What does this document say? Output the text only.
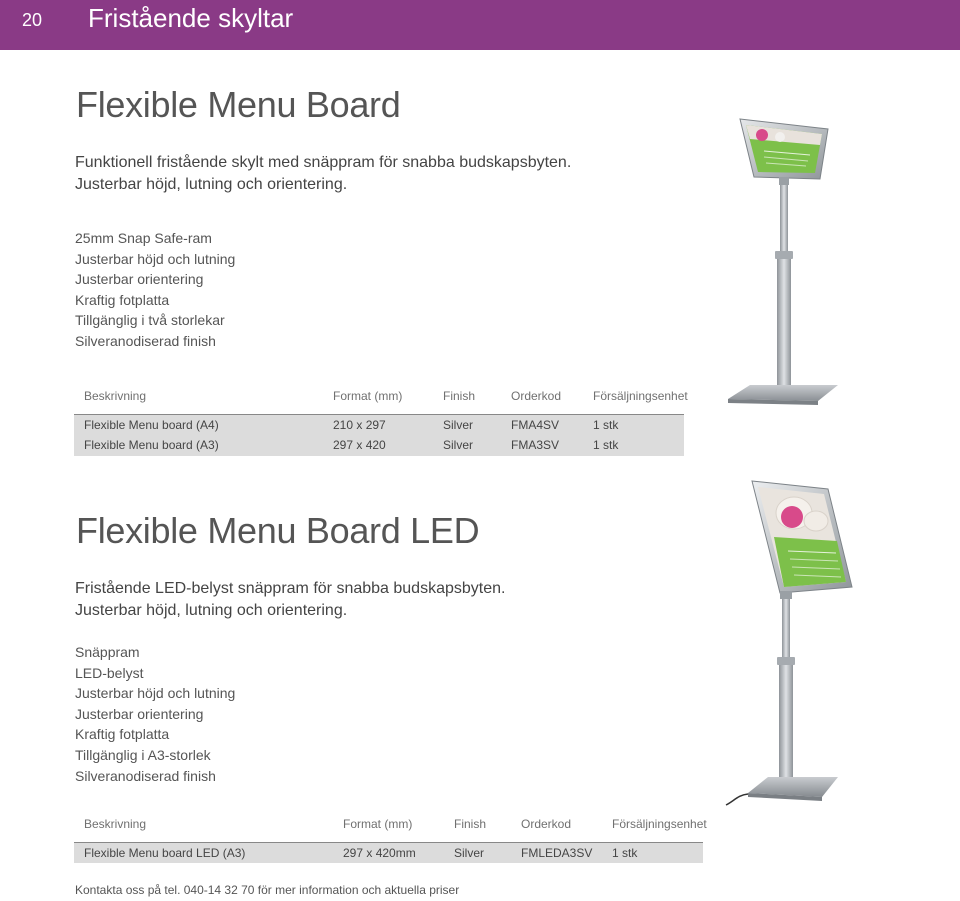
20 Fristående skyltar
Flexible Menu Board
Funktionell fristående skylt med snäppram för snabba budskapsbyten.
Justerbar höjd, lutning och orientering.
25mm Snap Safe-ram
Justerbar höjd och lutning
Justerbar orientering
Kraftig fotplatta
Tillgänglig i två storlekar
Silveranodiserad finish
Beskrivning	Format (mm)	Finish	Orderkod	Försäljningsenhet
Flexible Menu board (A4)	210 x 297	Silver	FMA4SV	1 stk
Flexible Menu board (A3)	297 x 420	Silver	FMA3SV	1 stk
Flexible Menu Board LED
Fristående LED-belyst snäppram för snabba budskapsbyten.
Justerbar höjd, lutning och orientering.
Snäppram
LED-belyst
Justerbar höjd och lutning
Justerbar orientering
Kraftig fotplatta
Tillgänglig i A3-storlek
Silveranodiserad finish
Beskrivning	Format (mm)	Finish	Orderkod	Försäljningsenhet
Flexible Menu board LED (A3)	297 x 420mm	Silver	FMLEDA3SV 1 stk
Kontakta oss på tel. 040-14 32 70 för mer information och aktuella priser
